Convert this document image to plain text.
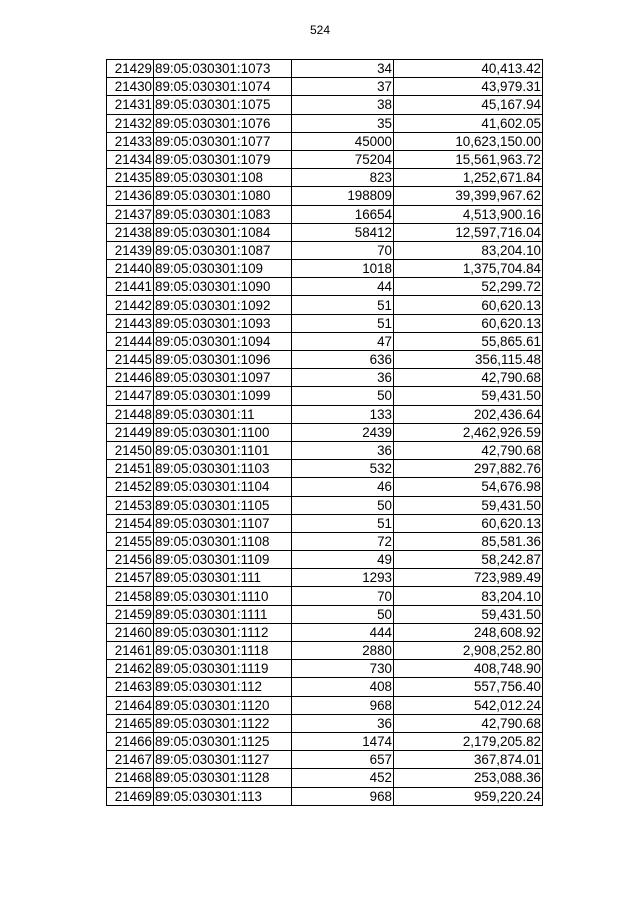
524
21429	89:05:030301:1073	34	40,413.42
21430	89:05:030301:1074	37	43,979.31
21431	89:05:030301:1075	38	45,167.94
21432	89:05:030301:1076	35	41,602.05
21433	89:05:030301:1077	45000	10,623,150.00
21434	89:05:030301:1079	75204	15,561,963.72
21435	89:05:030301:108	823	1,252,671.84
21436	89:05:030301:1080	198809	39,399,967.62
21437	89:05:030301:1083	16654	4,513,900.16
21438	89:05:030301:1084	58412	12,597,716.04
21439	89:05:030301:1087	70	83,204.10
21440	89:05:030301:109	1018	1,375,704.84
21441	89:05:030301:1090	44	52,299.72
21442	89:05:030301:1092	51	60,620.13
21443	89:05:030301:1093	51	60,620.13
21444	89:05:030301:1094	47	55,865.61
21445	89:05:030301:1096	636	356,115.48
21446	89:05:030301:1097	36	42,790.68
21447	89:05:030301:1099	50	59,431.50
21448	89:05:030301:11	133	202,436.64
21449	89:05:030301:1100	2439	2,462,926.59
21450	89:05:030301:1101	36	42,790.68
21451	89:05:030301:1103	532	297,882.76
21452	89:05:030301:1104	46	54,676.98
21453	89:05:030301:1105	50	59,431.50
21454	89:05:030301:1107	51	60,620.13
21455	89:05:030301:1108	72	85,581.36
21456	89:05:030301:1109	49	58,242.87
21457	89:05:030301:111	1293	723,989.49
21458	89:05:030301:1110	70	83,204.10
21459	89:05:030301:1111	50	59,431.50
21460	89:05:030301:1112	444	248,608.92
21461	89:05:030301:1118	2880	2,908,252.80
21462	89:05:030301:1119	730	408,748.90
21463	89:05:030301:112	408	557,756.40
21464	89:05:030301:1120	968	542,012.24
21465	89:05:030301:1122	36	42,790.68
21466	89:05:030301:1125	1474	2,179,205.82
21467	89:05:030301:1127	657	367,874.01
21468	89:05:030301:1128	452	253,088.36
21469	89:05:030301:113	968	959,220.24
